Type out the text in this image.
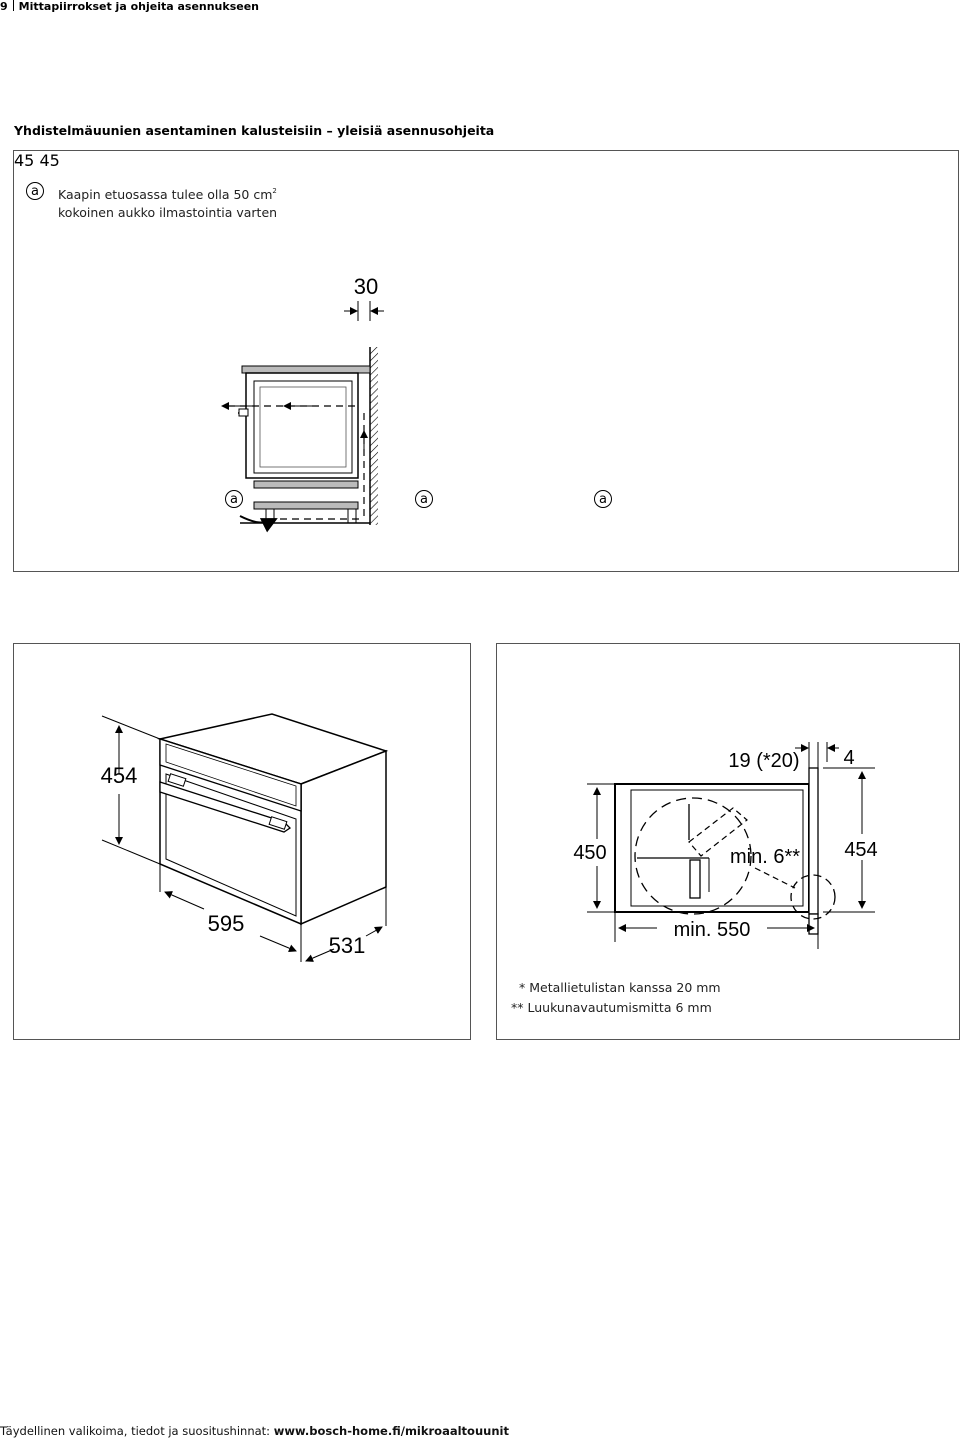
9 Mittapiirrokset ja ohjeita asennukseen
Yhdistelmäuunien asentaminen kalusteisiin – yleisiä asennusohjeita
a	Kaapin etuosassa tulee olla 50 $cm^2$
kokoinen aukko ilmastointia varten
30
45 45
a	a	a
454
595
531
19 (*20) 4
450	454
min. 6**
min. 550
* Metallietulistan kanssa 20 mm
** Luukunavautumismitta 6 mm
Täydellinen valikoima, tiedot ja suositushinnat: www.bosch-home.fi/mikroaaltouunit
